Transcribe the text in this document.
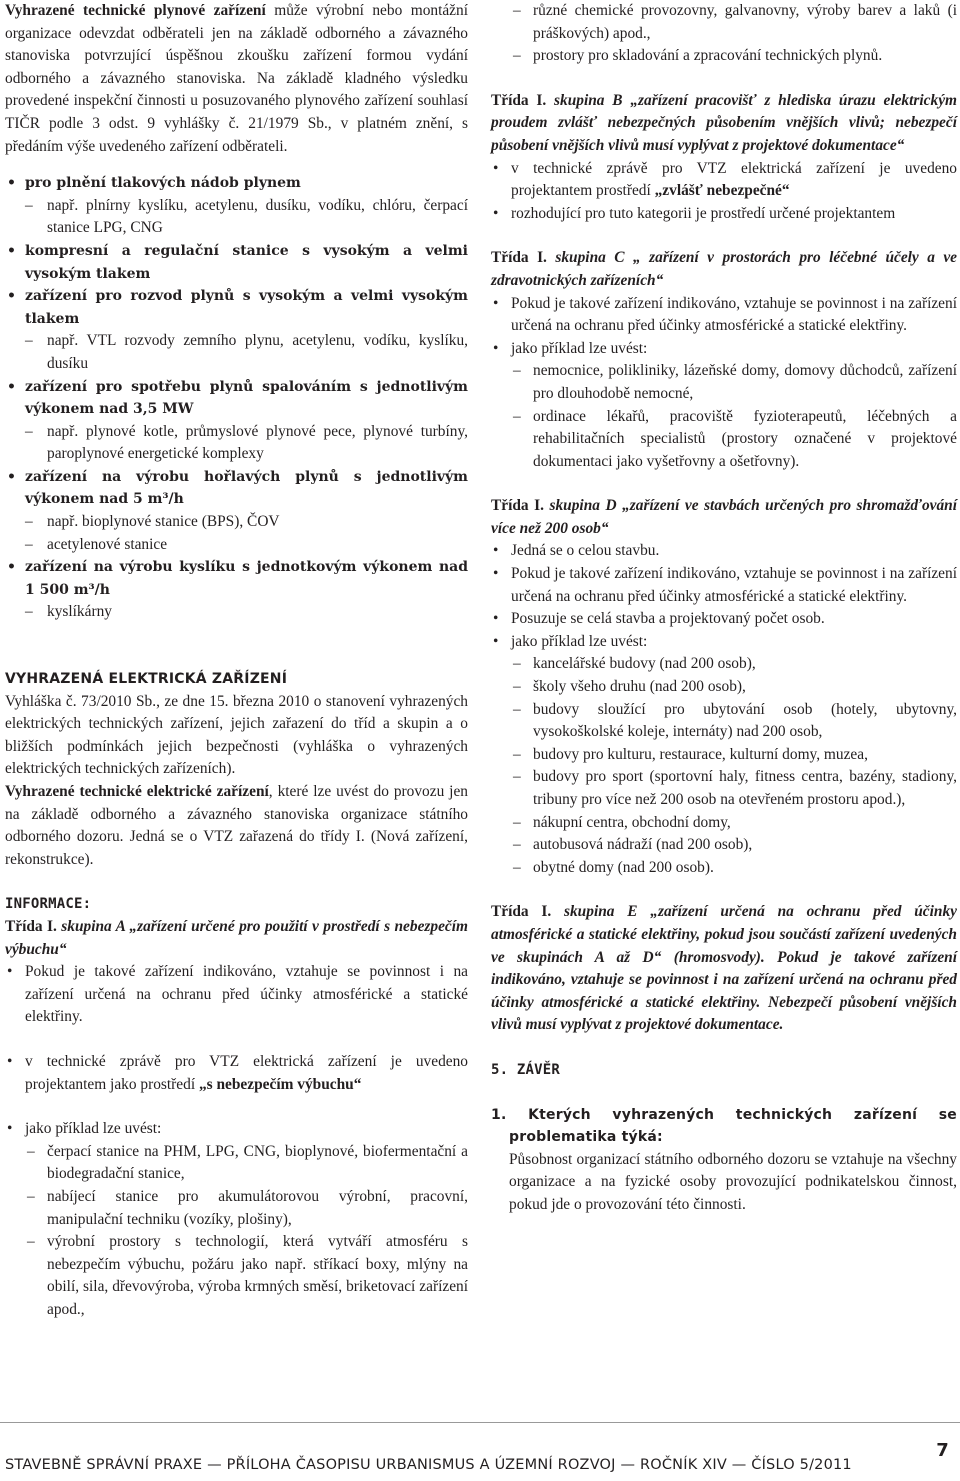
Vyhrazené technické plynové zařízení může výrobní nebo montážní organizace odevzdat odběrateli jen na základě odborného a závazného stanoviska potvrzující úspěšnou zkoušku zařízení formou vydání odborného a závazného stanoviska. Na základě kladného výsledku provedené inspekční činnosti u posuzovaného plynového zařízení souhlasí TIČR podle 3 odst. 9 vyhlášky č. 21/1979 Sb., v platném znění, s předáním výše uvedeného zařízení odběrateli.

• pro plnění tlakových nádob plynem
– např. plnírny kyslíku, acetylenu, dusíku, vodíku, chlóru, čerpací stanice LPG, CNG
• kompresní a regulační stanice s vysokým a velmi vysokým tlakem
• zařízení pro rozvod plynů s vysokým a velmi vysokým tlakem
– např. VTL rozvody zemního plynu, acetylenu, vodíku, kyslíku, dusíku
• zařízení pro spotřebu plynů spalováním s jednotlivým výkonem nad 3,5 MW
– např. plynové kotle, průmyslové plynové pece, plynové turbíny, paroplynové energetické komplexy
• zařízení na výrobu hořlavých plynů s jednotlivým výkonem nad 5 m³/h
– např. bioplynové stanice (BPS), ČOV
– acetylenové stanice
• zařízení na výrobu kyslíku s jednotkovým výkonem nad 1 500 m³/h
– kyslíkárny

VYHRAZENÁ ELEKTRICKÁ ZAŘÍZENÍ

Vyhláška č. 73/2010 Sb., ze dne 15. března 2010 o stanovení vyhrazených elektrických technických zařízení, jejich zařazení do tříd a skupin a o bližších podmínkách jejich bezpečnosti (vyhláška o vyhrazených elektrických technických zařízeních).

Vyhrazené technické elektrické zařízení, které lze uvést do provozu jen na základě odborného a závazného stanoviska organizace státního odborného dozoru. Jedná se o VTZ zařazená do třídy I. (Nová zařízení, rekonstrukce).

INFORMACE:

Třída I. skupina A „zařízení určené pro použití v prostředí s nebezpečím výbuchu“

• Pokud je takové zařízení indikováno, vztahuje se povinnost i na zařízení určená na ochranu před účinky atmosférické a statické elektřiny.
• v technické zprávě pro VTZ elektrická zařízení je uvedeno projektantem jako prostředí „s nebezpečím výbuchu“
• jako příklad lze uvést:
– čerpací stanice na PHM, LPG, CNG, bioplynové, biofermentační a biodegradační stanice,
– nabíjecí stanice pro akumulátorovou výrobní, pracovní, manipulační techniku (vozíky, plošiny),
– výrobní prostory s technologií, která vytváří atmosféru s nebezpečím výbuchu, požáru jako např. stříkací boxy, mlýny na obilí, sila, dřevovýroba, výroba krmných směsí, briketovací zařízení apod.,
– různé chemické provozovny, galvanovny, výroby barev a laků (i práškových) apod.,
– prostory pro skladování a zpracování technických plynů.

Třída I. skupina B „zařízení pracovišť z hlediska úrazu elektrickým proudem zvlášť nebezpečných působením vnějších vlivů; nebezpečí působení vnějších vlivů musí vyplývat z projektové dokumentace“

• v technické zprávě pro VTZ elektrická zařízení je uvedeno projektantem prostředí „zvlášť nebezpečné“
• rozhodující pro tuto kategorii je prostředí určené projektantem

Třída I. skupina C „ zařízení v prostorách pro léčebné účely a ve zdravotnických zařízeních“

• Pokud je takové zařízení indikováno, vztahuje se povinnost i na zařízení určená na ochranu před účinky atmosférické a statické elektřiny.
• jako příklad lze uvést:
– nemocnice, polikliniky, lázeňské domy, domovy důchodců, zařízení pro dlouhodobě nemocné,
– ordinace lékařů, pracoviště fyzioterapeutů, léčebných a rehabilitačních specialistů (prostory označené v projektové dokumentaci jako vyšetřovny a ošetřovny).

Třída I. skupina D „zařízení ve stavbách určených pro shromažďování více než 200 osob“

• Jedná se o celou stavbu.
• Pokud je takové zařízení indikováno, vztahuje se povinnost i na zařízení určená na ochranu před účinky atmosférické a statické elektřiny.
• Posuzuje se celá stavba a projektovaný počet osob.
• jako příklad lze uvést:
– kancelářské budovy (nad 200 osob),
– školy všeho druhu (nad 200 osob),
– budovy sloužící pro ubytování osob (hotely, ubytovny, vysokoškolské koleje, internáty) nad 200 osob,
– budovy pro kulturu, restaurace, kulturní domy, muzea,
– budovy pro sport (sportovní haly, fitness centra, bazény, stadiony, tribuny pro více než 200 osob na otevřeném prostoru apod.),
– nákupní centra, obchodní domy,
– autobusová nádraží (nad 200 osob),
– obytné domy (nad 200 osob).

Třída I. skupina E „zařízení určená na ochranu před účinky atmosférické a statické elektřiny, pokud jsou součástí zařízení uvedených ve skupinách A až D“ (hromosvody). Pokud je takové zařízení indikováno, vztahuje se povinnost i na zařízení určená na ochranu před účinky atmosférické a statické elektřiny. Nebezpečí působení vnějších vlivů musí vyplývat z projektové dokumentace.

5. ZÁVĚR

1. Kterých vyhrazených technických zařízení se problematika týká:

Působnost organizací státního odborného dozoru se vztahuje na všechny organizace a na fyzické osoby provozující podnikatelskou činnost, pokud jde o provozování této činnosti.

STAVEBNĚ SPRÁVNÍ PRAXE — PŘÍLOHA ČASOPISU URBANISMUS A ÚZEMNÍ ROZVOJ — ROČNÍK XIV — ČÍSLO 5/2011
7
